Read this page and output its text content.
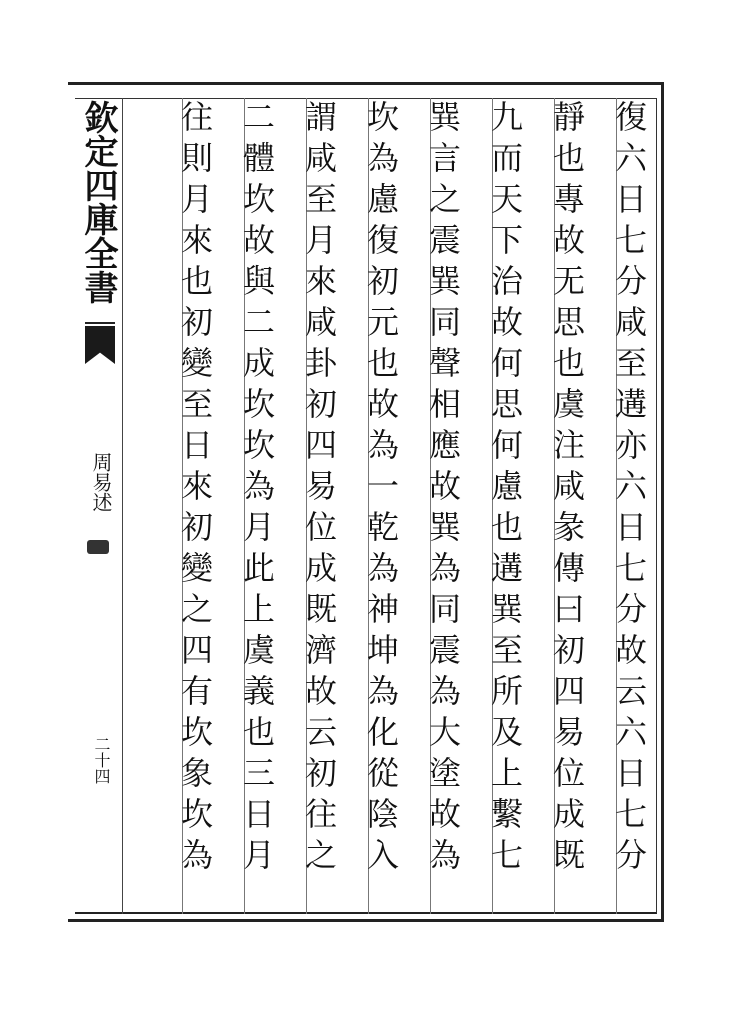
欽定四庫全書
周易述
二十四
復六日七分咸至遘亦六日七分故云六日七分
靜也專故无思也虞注咸彖傳曰初四易位成既
九而天下治故何思何慮也遘巽至所及上繫七
巽言之震巽同聲相應故巽為同震為大塗故為
坎為慮復初元也故為一乾為神坤為化從陰入
謂咸至月來咸卦初四易位成既濟故云初往之
二體坎故與二成坎坎為月此上虞義也三日月
往則月來也初變至日來初變之四有坎象坎為
